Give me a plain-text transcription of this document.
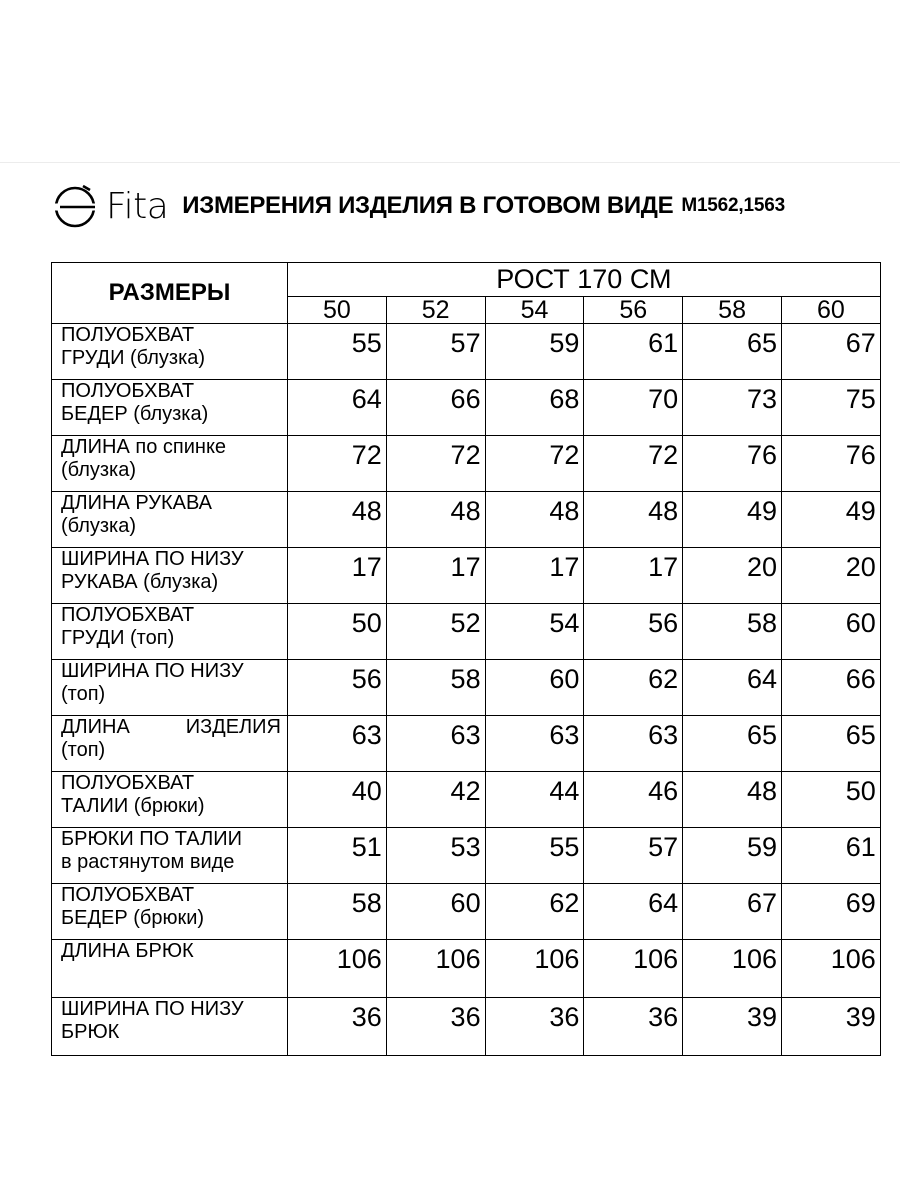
Fita ИЗМЕРЕНИЯ ИЗДЕЛИЯ В ГОТОВОМ ВИДЕ M1562,1563
РАЗМЕРЫ	РОСТ 170 СМ					
	50	52	54	56	58	60

ПОЛУОБХВАТ
ГРУДИ (блузка)	55	57	59	61	65	67

ПОЛУОБХВАТ
БЕДЕР (блузка)	64	66	68	70	73	75

ДЛИНА по спинке
(блузка)	72	72	72	72	76	76

ДЛИНА РУКАВА
(блузка)	48	48	48	48	49	49

ШИРИНА ПО НИЗУ
РУКАВА (блузка)	17	17	17	17	20	20

ПОЛУОБХВАТ
ГРУДИ (топ)	50	52	54	56	58	60

ШИРИНА ПО НИЗУ
(топ)	56	58	60	62	64	66

ДЛИНА ИЗДЕЛИЯ
(топ)	63	63	63	63	65	65

ПОЛУОБХВАТ
ТАЛИИ (брюки)	40	42	44	46	48	50

БРЮКИ ПО ТАЛИИ
в растянутом виде	51	53	55	57	59	61

ПОЛУОБХВАТ
БЕДЕР (брюки)	58	60	62	64	67	69

ДЛИНА БРЮК	106	106	106	106	106	106

ШИРИНА ПО НИЗУ
БРЮК	36	36	36	36	39	39
